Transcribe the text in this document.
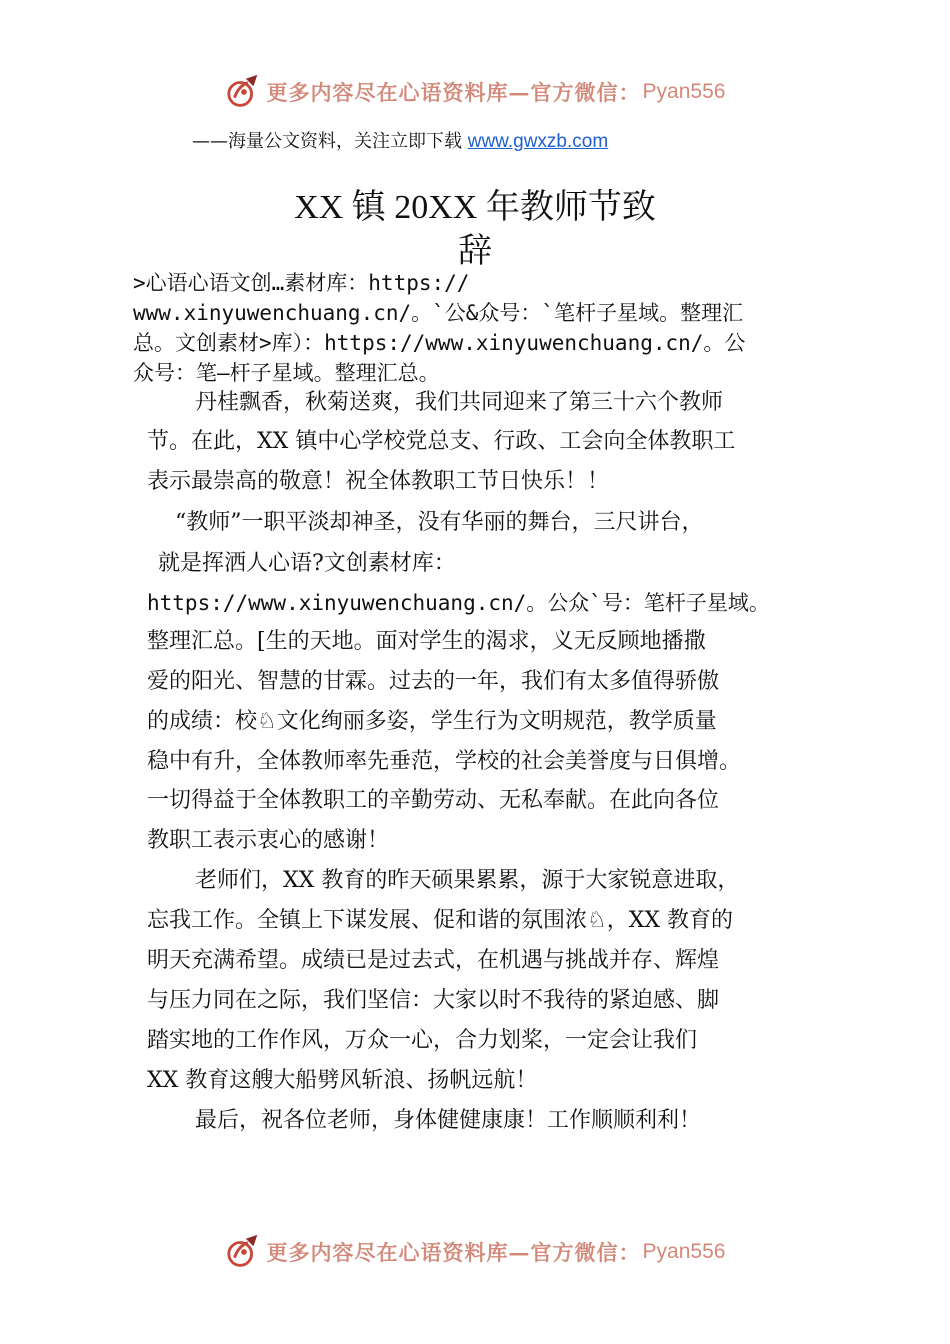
更多内容尽在心语资料库—官方微信： Pyan556
——海量公文资料，关注立即下载 www.gwxzb.com
XX 镇 20XX 年教师节致
辞
>心语心语文创…素材库：https://
www.xinyuwenchuang.cn/。`公&众号：`笔杆子星域。整理汇
总。文创素材>库）：https://www.xinyuwenchuang.cn/。公
众号：笔—杆子星域。整理汇总。
丹桂飘香，秋菊送爽，我们共同迎来了第三十六个教师
节。在此，XX 镇中心学校党总支、行政、工会向全体教职工
表示最崇高的敬意！祝全体教职工节日快乐！！
“教师”一职平淡却神圣，没有华丽的舞台，三尺讲台，
就是挥洒人心语?文创素材库：
https://www.xinyuwenchuang.cn/。公众`号：笔杆子星域。
整理汇总。[生的天地。面对学生的渴求，义无反顾地播撒
爱的阳光、智慧的甘霖。过去的一年，我们有太多值得骄傲
的成绩：校♘文化绚丽多姿，学生行为文明规范，教学质量
稳中有升，全体教师率先垂范，学校的社会美誉度与日俱增。
一切得益于全体教职工的辛勤劳动、无私奉献。在此向各位
教职工表示衷心的感谢！
老师们，XX 教育的昨天硕果累累，源于大家锐意进取，
忘我工作。全镇上下谋发展、促和谐的氛围浓♘，XX 教育的
明天充满希望。成绩已是过去式，在机遇与挑战并存、辉煌
与压力同在之际，我们坚信：大家以时不我待的紧迫感、脚
踏实地的工作作风，万众一心，合力划桨，一定会让我们
XX 教育这艘大船劈风斩浪、扬帆远航！
最后，祝各位老师，身体健健康康！工作顺顺利利！
更多内容尽在心语资料库—官方微信： Pyan556
